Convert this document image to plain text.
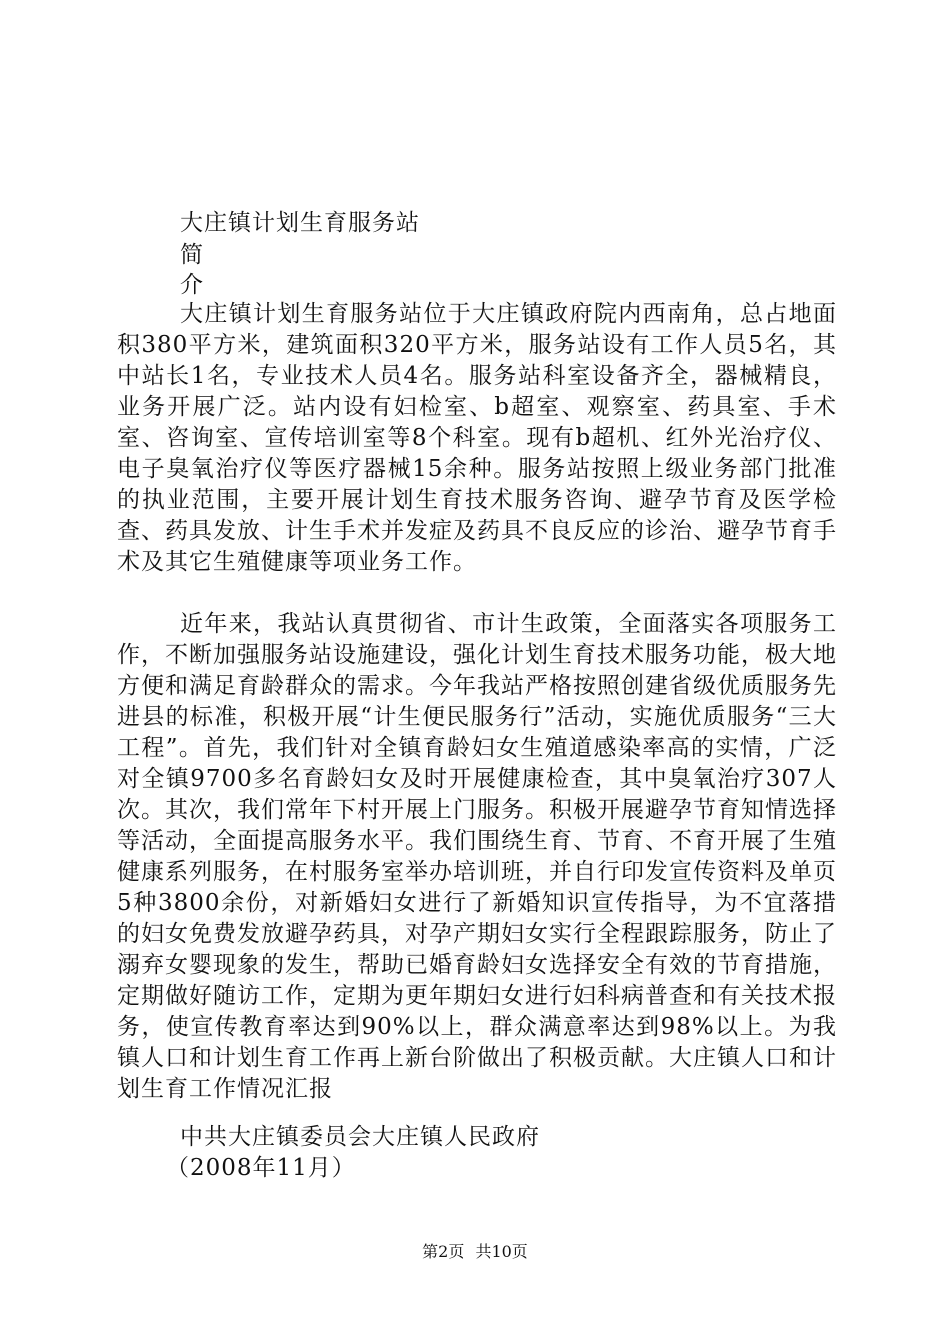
大庄镇计划生育服务站
简
介
大庄镇计划生育服务站位于大庄镇政府院内西南角，总占地面积380平方米，建筑面积320平方米，服务站设有工作人员5名，其中站长1名，专业技术人员4名。服务站科室设备齐全，器械精良，业务开展广泛。站内设有妇检室、b超室、观察室、药具室、手术室、咨询室、宣传培训室等8个科室。现有b超机、红外光治疗仪、电子臭氧治疗仪等医疗器械15余种。服务站按照上级业务部门批准的执业范围，主要开展计划生育技术服务咨询、避孕节育及医学检查、药具发放、计生手术并发症及药具不良反应的诊治、避孕节育手术及其它生殖健康等项业务工作。
近年来，我站认真贯彻省、市计生政策，全面落实各项服务工作，不断加强服务站设施建设，强化计划生育技术服务功能，极大地方便和满足育龄群众的需求。今年我站严格按照创建省级优质服务先进县的标准，积极开展“计生便民服务行”活动，实施优质服务“三大工程”。首先，我们针对全镇育龄妇女生殖道感染率高的实情，广泛对全镇9700多名育龄妇女及时开展健康检查，其中臭氧治疗307人次。其次，我们常年下村开展上门服务。积极开展避孕节育知情选择等活动，全面提高服务水平。我们围绕生育、节育、不育开展了生殖健康系列服务，在村服务室举办培训班，并自行印发宣传资料及单页5种3800余份，对新婚妇女进行了新婚知识宣传指导，为不宜落措的妇女免费发放避孕药具，对孕产期妇女实行全程跟踪服务，防止了溺弃女婴现象的发生，帮助已婚育龄妇女选择安全有效的节育措施，定期做好随访工作，定期为更年期妇女进行妇科病普查和有关技术报务，使宣传教育率达到90%以上，群众满意率达到98%以上。为我镇人口和计划生育工作再上新台阶做出了积极贡献。大庄镇人口和计划生育工作情况汇报
中共大庄镇委员会大庄镇人民政府
（2008年11月）
第2页 共10页
